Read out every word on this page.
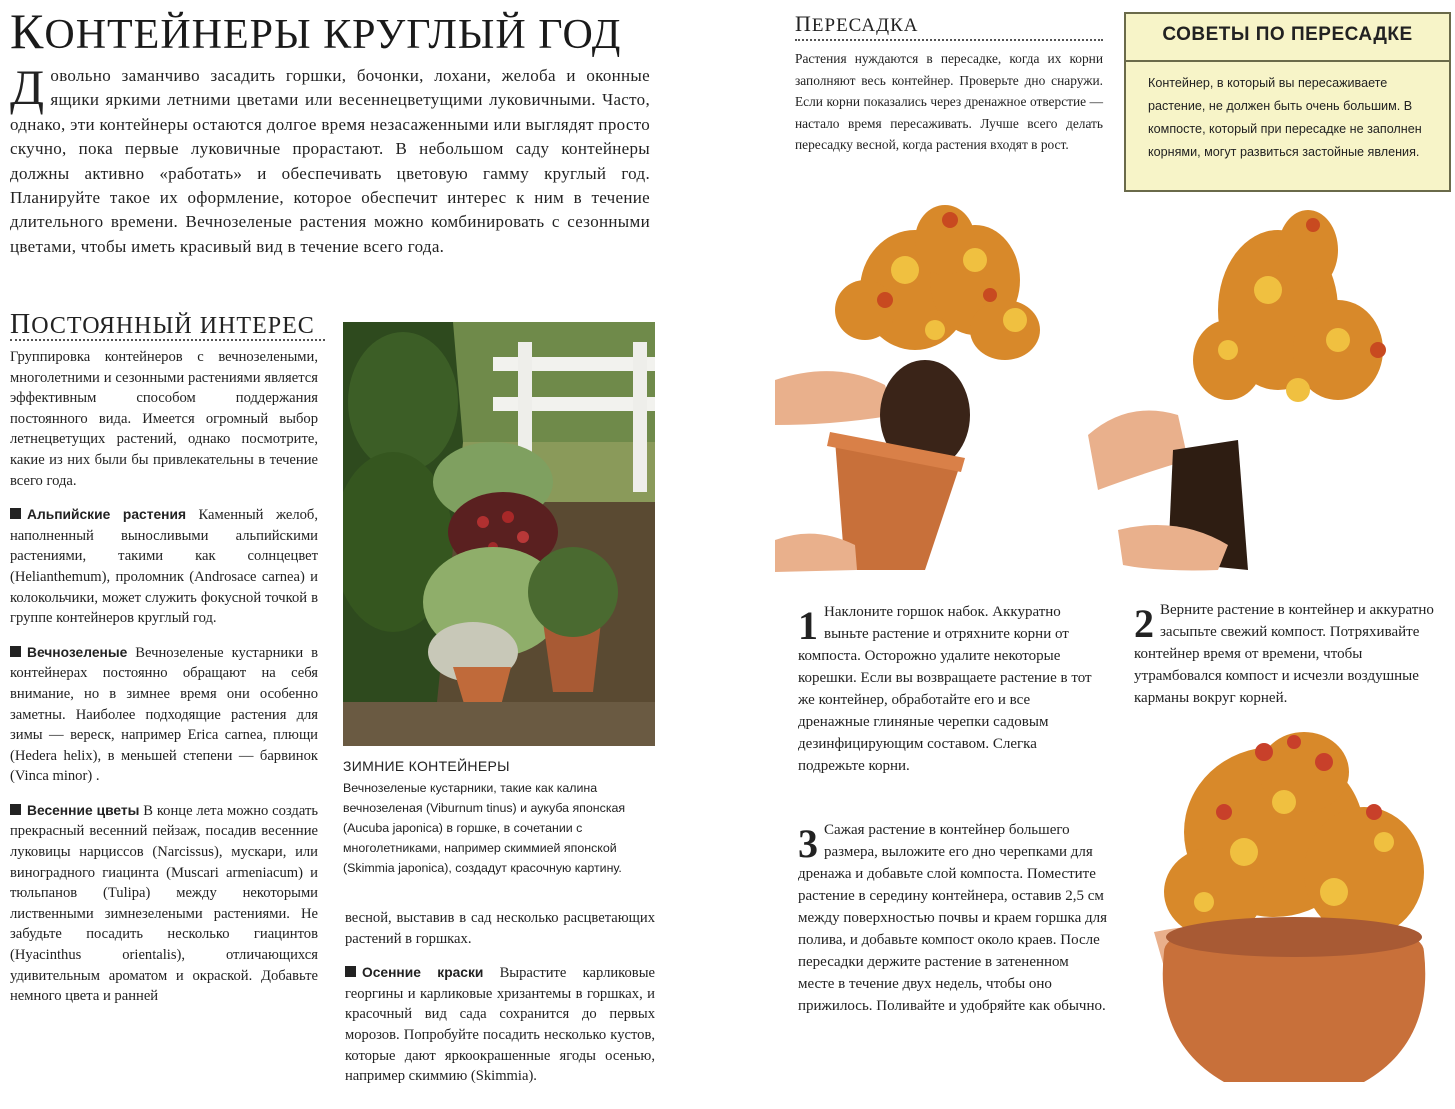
КОНТЕЙНЕРЫ КРУГЛЫЙ ГОД
Довольно заманчиво засадить горшки, бочонки, лохани, желоба и оконные ящики яркими летними цветами или весеннецветущими луковичными. Часто, однако, эти контейнеры остаются долгое время незасаженными или выглядят просто скучно, пока первые луковичные прорастают. В небольшом саду контейнеры должны активно «работать» и обеспечивать цветовую гамму круглый год. Планируйте такое их оформление, которое обеспечит интерес к ним в течение длительного времени. Вечнозеленые растения можно комбинировать с сезонными цветами, чтобы иметь красивый вид в течение всего года.
ПОСТОЯННЫЙ ИНТЕРЕС

Группировка контейнеров с вечнозелеными, многолетними и сезонными растениями является эффективным способом поддержания постоянного вида. Имеется огромный выбор летнецветущих растений, однако посмотрите, какие из них были бы привлекательны в течение всего года.

Альпийские растения Каменный желоб, наполненный выносливыми альпийскими растениями, такими как солнцецвет (Helianthemum), проломник (Androsace carnea) и колокольчики, может служить фокусной точкой в группе контейнеров круглый год.

Вечнозеленые Вечнозеленые кустарники в контейнерах постоянно обращают на себя внимание, но в зимнее время они особенно заметны. Наиболее подходящие растения для зимы — вереск, например Erica carnea, плющи (Hedera helix), в меньшей степени — барвинок (Vinca minor) .

Весенние цветы В конце лета можно создать прекрасный весенний пейзаж, посадив весенние луковицы нарциссов (Narcissus), мускари, или виноградного гиацинта (Muscari armeniacum) и тюльпанов (Tulipa) между некоторыми лиственными зимнезелеными растениями. Не забудьте посадить несколько гиацинтов (Hyacinthus orientalis), отличающихся удивительным ароматом и окраской. Добавьте немного цвета и ранней

ЗИМНИЕ КОНТЕЙНЕРЫ
Вечнозеленые кустарники, такие как калина вечнозеленая (Viburnum tinus) и аукуба японская (Aucuba japonica) в горшке, в сочетании с многолетниками, например скиммией японской (Skimmia japonica), создадут красочную картину.

весной, выставив в сад несколько расцветающих растений в горшках.

Осенние краски Вырастите карликовые георгины и карликовые хризантемы в горшках, и красочный вид сада сохранится до первых морозов. Попробуйте посадить несколько кустов, которые дают яркоокрашенные ягоды осенью, например скиммию (Skimmia).

ПЕРЕСАДКА
Растения нуждаются в пересадке, когда их корни заполняют весь контейнер. Проверьте дно снаружи. Если корни показались через дренажное отверстие — настало время пересаживать. Лучше всего делать пересадку весной, когда растения входят в рост.
СОВЕТЫ ПО ПЕРЕСАДКЕ
Контейнер, в который вы пересаживаете растение, не должен быть очень большим. В компосте, который при пересадке не заполнен корнями, могут развиться застойные явления.
1 Наклоните горшок набок. Аккуратно выньте растение и отряхните корни от компоста. Осторожно удалите некоторые корешки. Если вы возвращаете растение в тот же контейнер, обработайте его и все дренажные глиняные черепки садовым дезинфицирующим составом. Слегка подрежьте корни.
2 Верните растение в контейнер и аккуратно засыпьте свежий компост. Потряхивайте контейнер время от времени, чтобы утрамбовался компост и исчезли воздушные карманы вокруг корней.
3 Сажая растение в контейнер большего размера, выложите его дно черепками для дренажа и добавьте слой компоста. Поместите растение в середину контейнера, оставив 2,5 см между поверхностью почвы и краем горшка для полива, и добавьте компост около краев. После пересадки держите растение в затененном месте в течение двух недель, чтобы оно прижилось. Поливайте и удобряйте как обычно.
